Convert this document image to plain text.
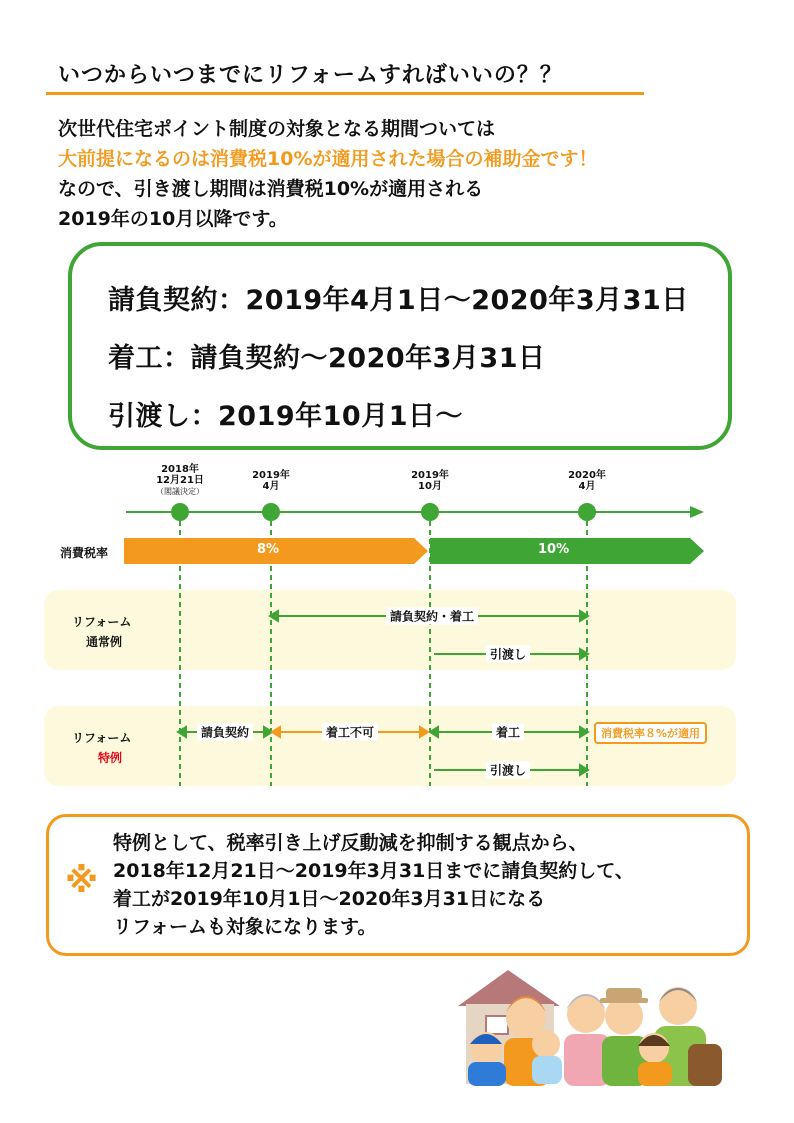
いつからいつまでにリフォームすればいいの？？
次世代住宅ポイント制度の対象となる期間ついては
大前提になるのは消費税10%が適用された場合の補助金です！
なので、引き渡し期間は消費税10%が適用される
2019年の10月以降です。
請負契約：2019年4月1日～2020年3月31日
着工：請負契約～2020年3月31日
引渡し：2019年10月1日～
2018年
12月21日
（閣議決定）
2019年
4月
2019年
10月
2020年
4月
消費税率	8%	10%
リフォーム
通常例
請負契約・着工
引渡し
リフォーム
特例
請負契約	着工不可	着工
引渡し
消費税率８%が適用
※
特例として、税率引き上げ反動減を抑制する観点から、
2018年12月21日～2019年3月31日までに請負契約して、
着工が2019年10月1日～2020年3月31日になる
リフォームも対象になります。
